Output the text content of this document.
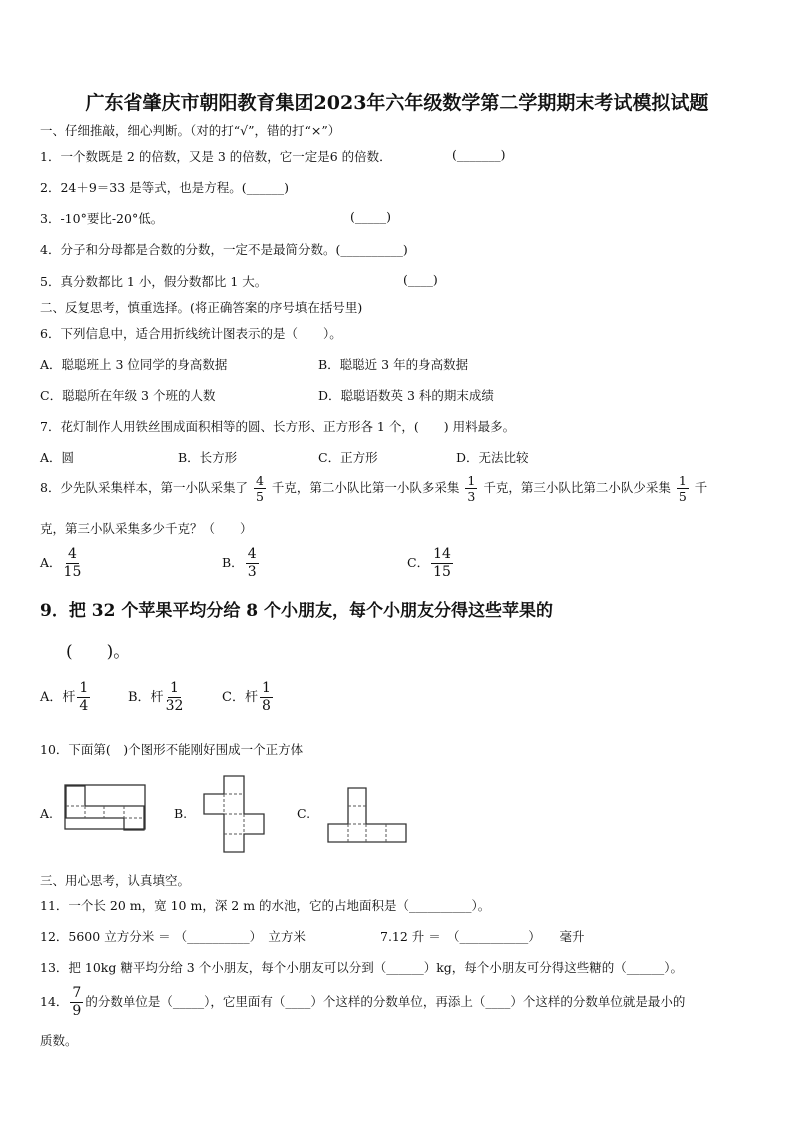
广东省肇庆市朝阳教育集团2023年六年级数学第二学期期末考试模拟试题
一、仔细推敲，细心判断。（对的打“√”，错的打“×”）
1．一个数既是 2 的倍数，又是 3 的倍数，它一定是6 的倍数．	(_______)
2．24＋9＝33 是等式，也是方程。(______)
3．-10°要比-20°低。	(_____)
4．分子和分母都是合数的分数，一定不是最简分数。(__________)
5．真分数都比 1 小，假分数都比 1 大。	(____)
二、反复思考，慎重选择。(将正确答案的序号填在括号里)
6．下列信息中，适合用折线统计图表示的是（　　）。
A．聪聪班上 3 位同学的身高数据	B．聪聪近 3 年的身高数据
C．聪聪所在年级 3 个班的人数	D．聪聪语数英 3 科的期末成绩
7．花灯制作人用铁丝围成面积相等的圆、长方形、正方形各 1 个，(　　) 用料最多。
A．圆	B．长方形	C．正方形	D．无法比较
8．少先队采集样本，第一小队采集了 $\frac{4}{5}$ 千克，第二小队比第一小队多采集 $\frac{1}{3}$ 千克，第三小队比第二小队少采集 $\frac{1}{5}$ 千
克，第三小队采集多少千克？（　　）
A． $\frac{4}{15}$	B． $\frac{4}{3}$	C． $\frac{14}{15}$
9．把 32 个苹果平均分给 8 个小朋友，每个小朋友分得这些苹果的
(　　)。
A．杆 $\frac{1}{4}$	B．杆 $\frac{1}{32}$	C．杆 $\frac{1}{8}$
10．下面第(　)个图形不能刚好围成一个正方体
A.	B.	C.
三、用心思考，认真填空。
11．一个长 20 m，宽 10 m，深 2 m 的水池，它的占地面积是（__________）。
12．5600 立方分米 ＝ （__________）　立方米	7.12 升 ＝　（___________）　　毫升
13．把 10kg 糖平均分给 3 个小朋友，每个小朋友可以分到（______）kg，每个小朋友可分得这些糖的（______）。
14． $\frac{7}{9}$ 的分数单位是（_____），它里面有（____）个这样的分数单位，再添上（____）个这样的分数单位就是最小的
质数。
